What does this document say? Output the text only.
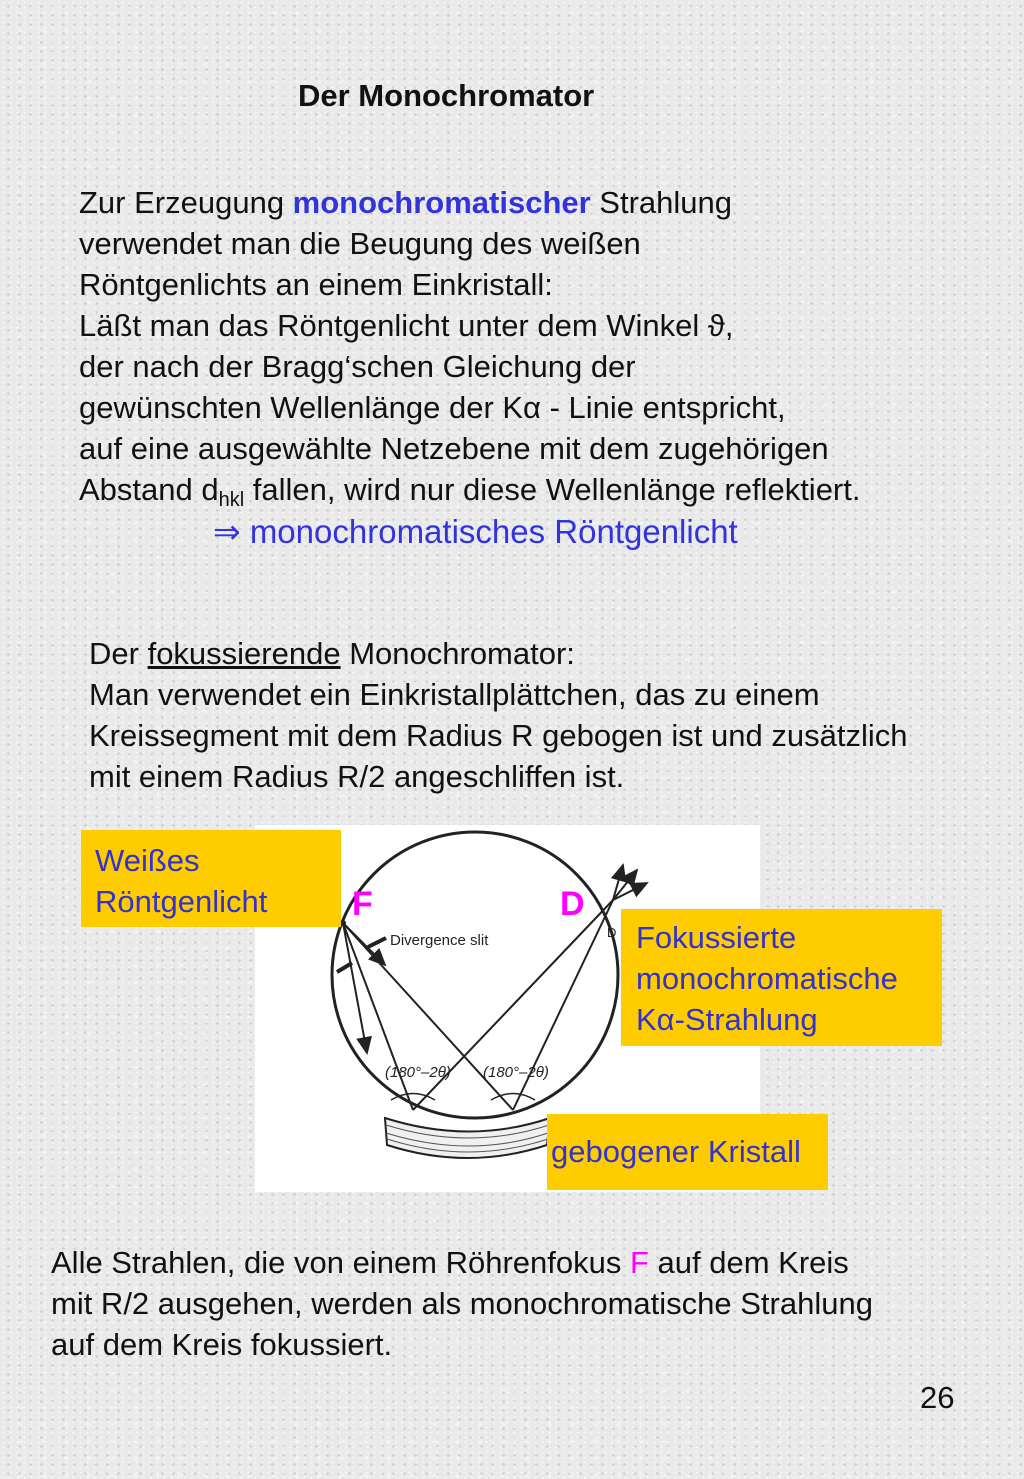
Der Monochromator
Zur Erzeugung monochromatischer Strahlung
verwendet man die Beugung des weißen
Röntgenlichts an einem Einkristall:
Läßt man das Röntgenlicht unter dem Winkel ϑ,
der nach der Bragg‘schen Gleichung der
gewünschten Wellenlänge der Kα - Linie entspricht,
auf eine ausgewählte Netzebene mit dem zugehörigen
Abstand $d_{hkl}$ fallen, wird nur diese Wellenlänge reflektiert.
⇒ monochromatisches Röntgenlicht
Der fokussierende Monochromator:
Man verwendet ein Einkristallplättchen, das zu einem
Kreissegment mit dem Radius R gebogen ist und zusätzlich
mit einem Radius R/2 angeschliffen ist.
Divergence slit	D
(180°–2θ) (180°–2θ)
Weißes
Röntgenlicht	F	D
Fokussierte
monochromatische
Kα-Strahlung
gebogener Kristall
Alle Strahlen, die von einem Röhrenfokus F auf dem Kreis
mit R/2 ausgehen, werden als monochromatische Strahlung
auf dem Kreis fokussiert.
26
